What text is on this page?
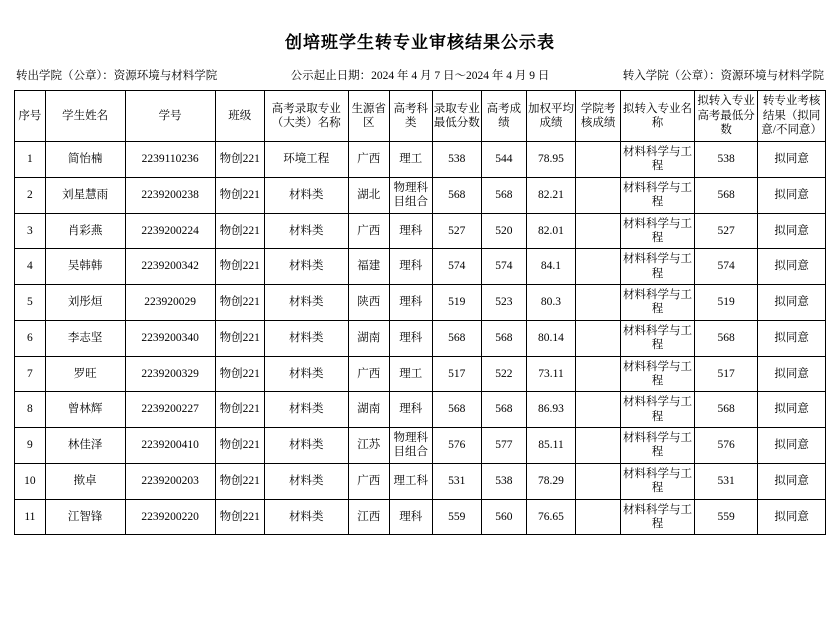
创培班学生转专业审核结果公示表
转出学院（公章）：资源环境与材料学院	公示起止日期：2024 年 4 月 7 日～2024 年 4 月 9 日	转入学院（公章）：资源环境与材料学院
序号	学生姓名	学号	班级	高考录取专业（大类）名称	生源省区	高考科类	录取专业最低分数	高考成绩	加权平均成绩	学院考核成绩	拟转入专业名称	拟转入专业高考最低分数	转专业考核结果（拟同意/不同意）
1	简怡楠	2239110236	物创221	环境工程	广西	理工	538	544	78.95		材料科学与工程	538	拟同意
2	刘星慧雨	2239200238	物创221	材料类	湖北	物理科目组合	568	568	82.21		材料科学与工程	568	拟同意
3	肖彩燕	2239200224	物创221	材料类	广西	理科	527	520	82.01		材料科学与工程	527	拟同意
4	吴韩韩	2239200342	物创221	材料类	福建	理科	574	574	84.1		材料科学与工程	574	拟同意
5	刘彤烜	223920029	物创221	材料类	陕西	理科	519	523	80.3		材料科学与工程	519	拟同意
6	李志坚	2239200340	物创221	材料类	湖南	理科	568	568	80.14		材料科学与工程	568	拟同意
7	罗旺	2239200329	物创221	材料类	广西	理工	517	522	73.11		材料科学与工程	517	拟同意
8	曾林辉	2239200227	物创221	材料类	湖南	理科	568	568	86.93		材料科学与工程	568	拟同意
9	林佳泽	2239200410	物创221	材料类	江苏	物理科目组合	576	577	85.11		材料科学与工程	576	拟同意
10	揿卓	2239200203	物创221	材料类	广西	理工科	531	538	78.29		材料科学与工程	531	拟同意
11	江智锋	2239200220	物创221	材料类	江西	理科	559	560	76.65		材料科学与工程	559	拟同意
